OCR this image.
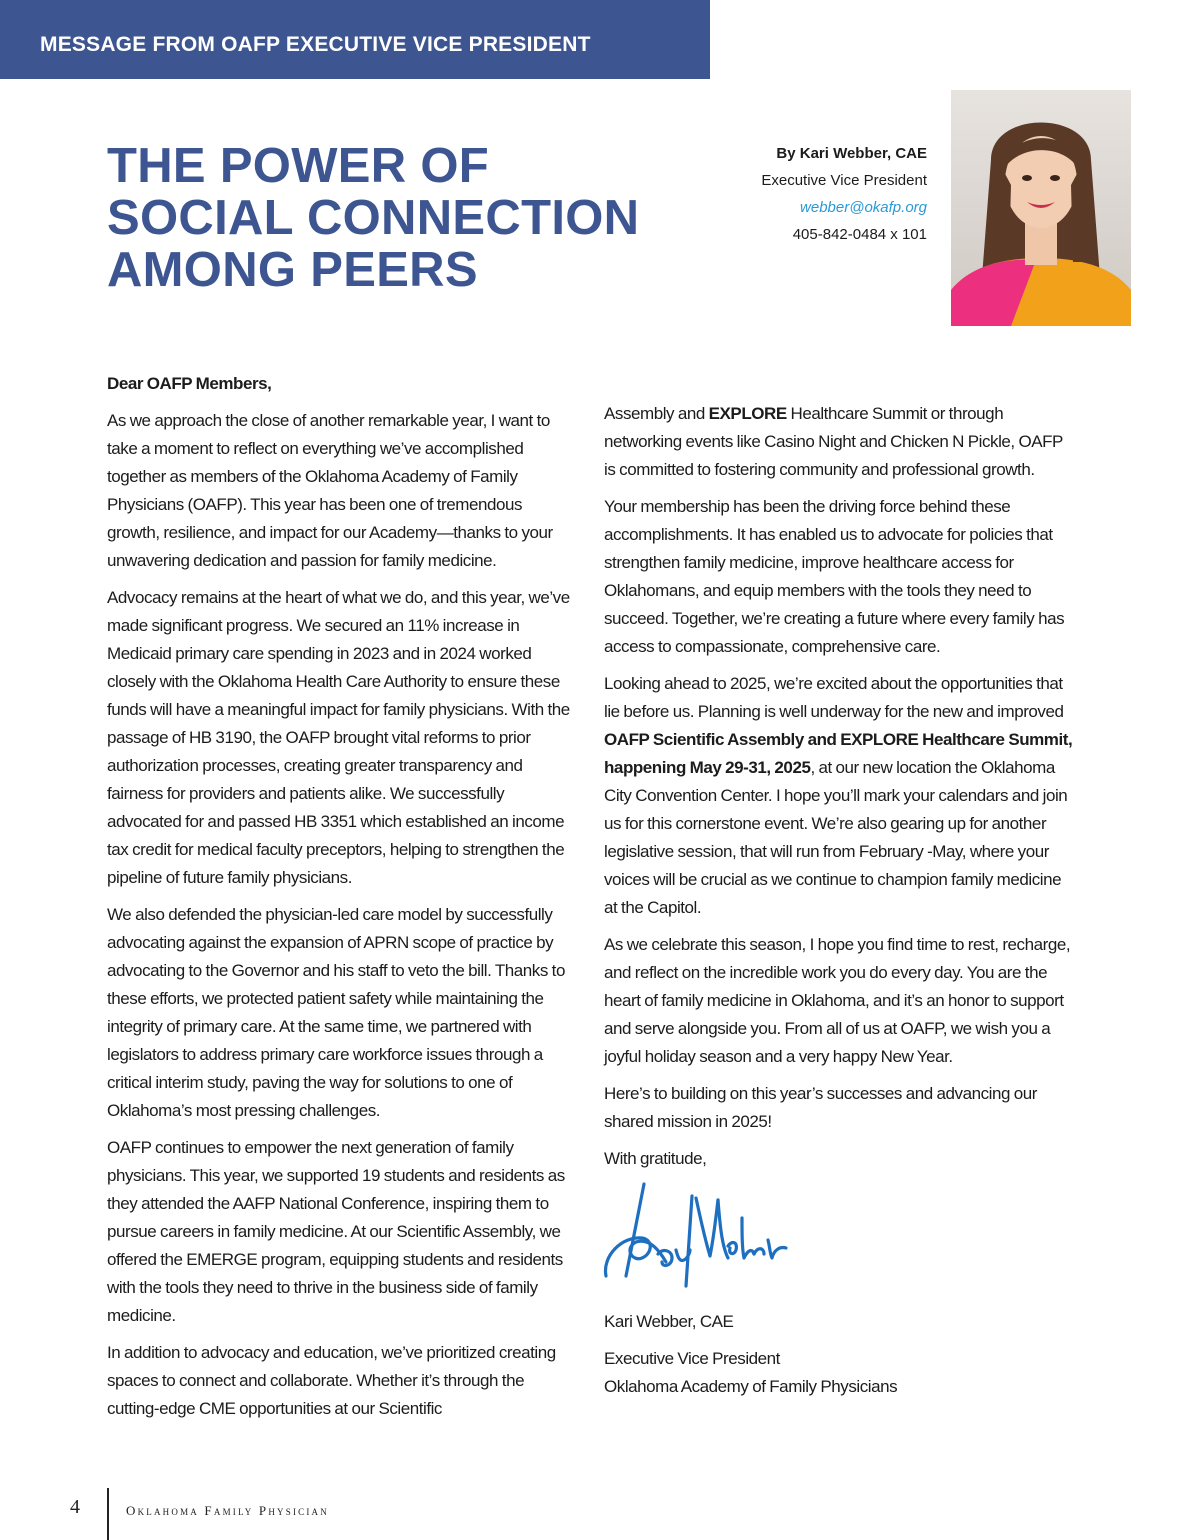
MESSAGE FROM OAFP EXECUTIVE VICE PRESIDENT
THE POWER OF
SOCIAL CONNECTION
AMONG PEERS
By Kari Webber, CAE
Executive Vice President
webber@okafp.org
405-842-0484 x 101

Dear OAFP Members,

As we approach the close of another remarkable year, I want to take a moment to reflect on everything we’ve accomplished together as members of the Oklahoma Academy of Family Physicians (OAFP). This year has been one of tremendous growth, resilience, and impact for our Academy—thanks to your unwavering dedication and passion for family medicine.

Advocacy remains at the heart of what we do, and this year, we’ve made significant progress. We secured an 11% increase in Medicaid primary care spending in 2023 and in 2024 worked closely with the Oklahoma Health Care Authority to ensure these funds will have a meaningful impact for family physicians. With the passage of HB 3190, the OAFP brought vital reforms to prior authorization processes, creating greater transparency and fairness for providers and patients alike. We successfully advocated for and passed HB 3351 which established an income tax credit for medical faculty preceptors, helping to strengthen the pipeline of future family physicians.

We also defended the physician-led care model by successfully advocating against the expansion of APRN scope of practice by advocating to the Governor and his staff to veto the bill. Thanks to these efforts, we protected patient safety while maintaining the integrity of primary care. At the same time, we partnered with legislators to address primary care workforce issues through a critical interim study, paving the way for solutions to one of Oklahoma’s most pressing challenges.

OAFP continues to empower the next generation of family physicians. This year, we supported 19 students and residents as they attended the AAFP National Conference, inspiring them to pursue careers in family medicine. At our Scientific Assembly, we offered the EMERGE program, equipping students and residents with the tools they need to thrive in the business side of family medicine.

In addition to advocacy and education, we’ve prioritized creating spaces to connect and collaborate. Whether it’s through the cutting-edge CME opportunities at our Scientific

Assembly and EXPLORE Healthcare Summit or through networking events like Casino Night and Chicken N Pickle, OAFP is committed to fostering community and professional growth.

Your membership has been the driving force behind these accomplishments. It has enabled us to advocate for policies that strengthen family medicine, improve healthcare access for Oklahomans, and equip members with the tools they need to succeed. Together, we’re creating a future where every family has access to compassionate, comprehensive care.

Looking ahead to 2025, we’re excited about the opportunities that lie before us. Planning is well underway for the new and improved OAFP Scientific Assembly and EXPLORE Healthcare Summit, happening May 29-31, 2025, at our new location the Oklahoma City Convention Center. I hope you’ll mark your calendars and join us for this cornerstone event. We’re also gearing up for another legislative session, that will run from February -May, where your voices will be crucial as we continue to champion family medicine at the Capitol.

As we celebrate this season, I hope you find time to rest, recharge, and reflect on the incredible work you do every day. You are the heart of family medicine in Oklahoma, and it’s an honor to support and serve alongside you. From all of us at OAFP, we wish you a joyful holiday season and a very happy New Year.

Here’s to building on this year’s successes and advancing our shared mission in 2025!

With gratitude,

Kari Webber, CAE

Executive Vice President
Oklahoma Academy of Family Physicians

4	Oklahoma Family Physician
